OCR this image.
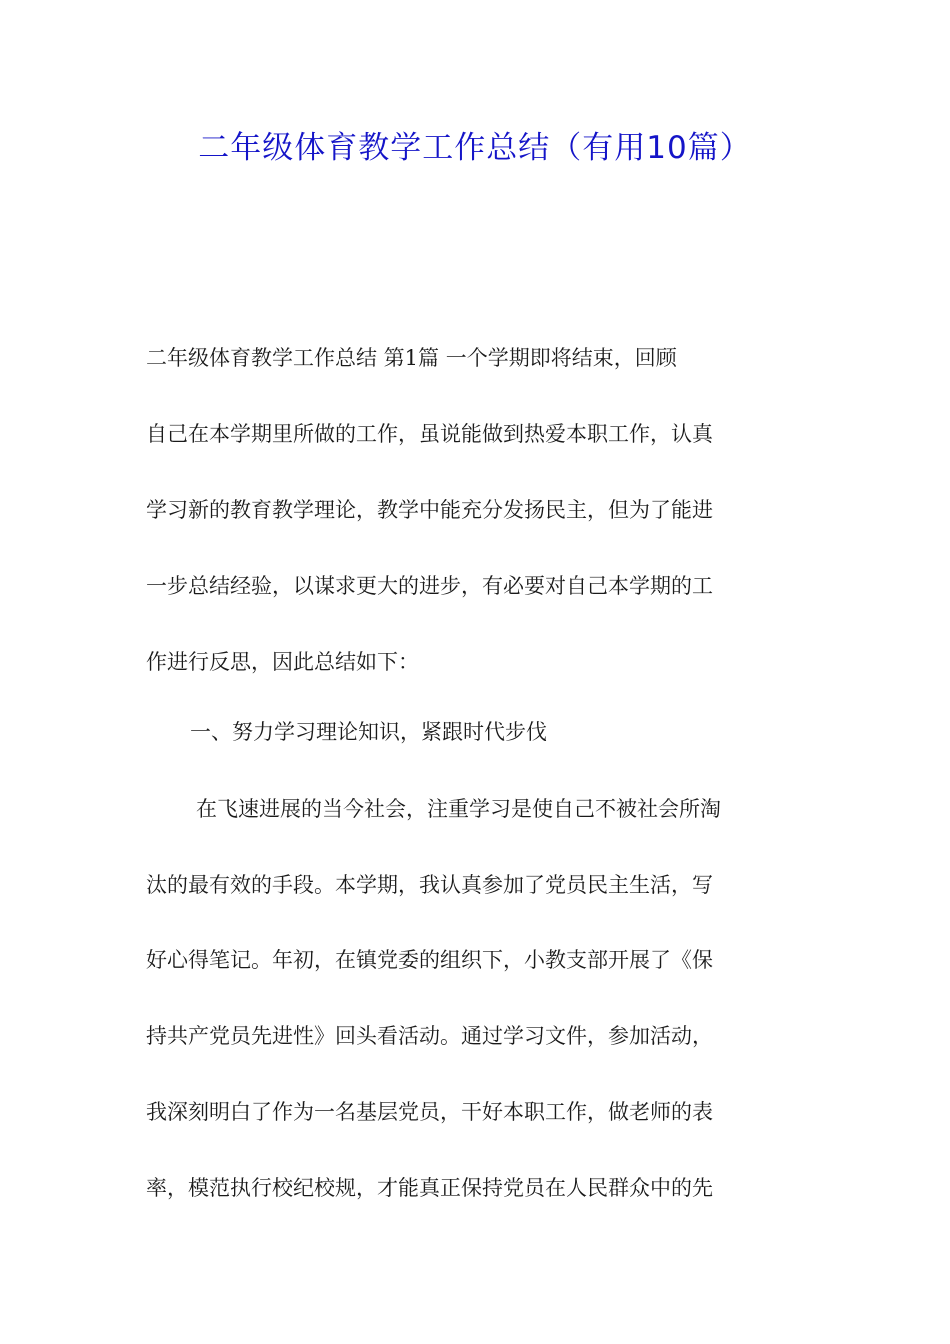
二年级体育教学工作总结（有用10篇）
二年级体育教学工作总结 第1篇 一个学期即将结束，回顾
自己在本学期里所做的工作，虽说能做到热爱本职工作，认真
学习新的教育教学理论，教学中能充分发扬民主，但为了能进
一步总结经验，以谋求更大的进步，有必要对自己本学期的工
作进行反思，因此总结如下：
一、努力学习理论知识，紧跟时代步伐
在飞速进展的当今社会，注重学习是使自己不被社会所淘
汰的最有效的手段。本学期，我认真参加了党员民主生活，写
好心得笔记。年初，在镇党委的组织下，小教支部开展了《保
持共产党员先进性》回头看活动。通过学习文件，参加活动，
我深刻明白了作为一名基层党员，干好本职工作，做老师的表
率，模范执行校纪校规，才能真正保持党员在人民群众中的先
